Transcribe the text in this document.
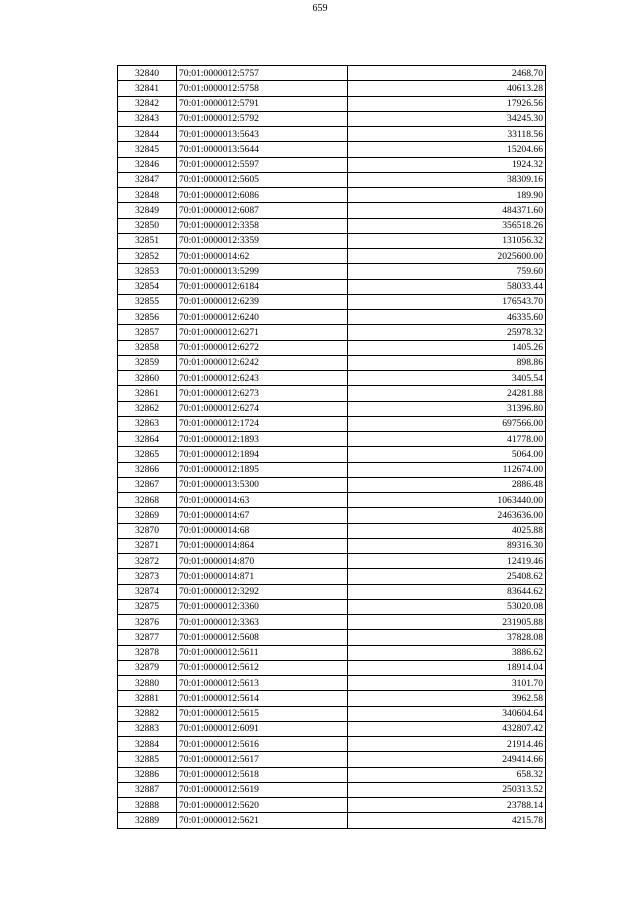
659
32840	70:01:0000012:5757	2468.70
32841	70:01:0000012:5758	40613.28
32842	70:01:0000012:5791	17926.56
32843	70:01:0000012:5792	34245.30
32844	70:01:0000013:5643	33118.56
32845	70:01:0000013:5644	15204.66
32846	70:01:0000012:5597	1924.32
32847	70:01:0000012:5605	38309.16
32848	70:01:0000012:6086	189.90
32849	70:01:0000012:6087	484371.60
32850	70:01:0000012:3358	356518.26
32851	70:01:0000012:3359	131056.32
32852	70:01:0000014:62	2025600.00
32853	70:01:0000013:5299	759.60
32854	70:01:0000012:6184	58033.44
32855	70:01:0000012:6239	176543.70
32856	70:01:0000012:6240	46335.60
32857	70:01:0000012:6271	25978.32
32858	70:01:0000012:6272	1405.26
32859	70:01:0000012:6242	898.86
32860	70:01:0000012:6243	3405.54
32861	70:01:0000012:6273	24281.88
32862	70:01:0000012:6274	31396.80
32863	70:01:0000012:1724	697566.00
32864	70:01:0000012:1893	41778.00
32865	70:01:0000012:1894	5064.00
32866	70:01:0000012:1895	112674.00
32867	70:01:0000013:5300	2886.48
32868	70:01:0000014:63	1063440.00
32869	70:01:0000014:67	2463636.00
32870	70:01:0000014:68	4025.88
32871	70:01:0000014:864	89316.30
32872	70:01:0000014:870	12419.46
32873	70:01:0000014:871	25408.62
32874	70:01:0000012:3292	83644.62
32875	70:01:0000012:3360	53020.08
32876	70:01:0000012:3363	231905.88
32877	70:01:0000012:5608	37828.08
32878	70:01:0000012:5611	3886.62
32879	70:01:0000012:5612	18914.04
32880	70:01:0000012:5613	3101.70
32881	70:01:0000012:5614	3962.58
32882	70:01:0000012:5615	340604.64
32883	70:01:0000012:6091	432807.42
32884	70:01:0000012:5616	21914.46
32885	70:01:0000012:5617	249414.66
32886	70:01:0000012:5618	658.32
32887	70:01:0000012:5619	250313.52
32888	70:01:0000012:5620	23788.14
32889	70:01:0000012:5621	4215.78
